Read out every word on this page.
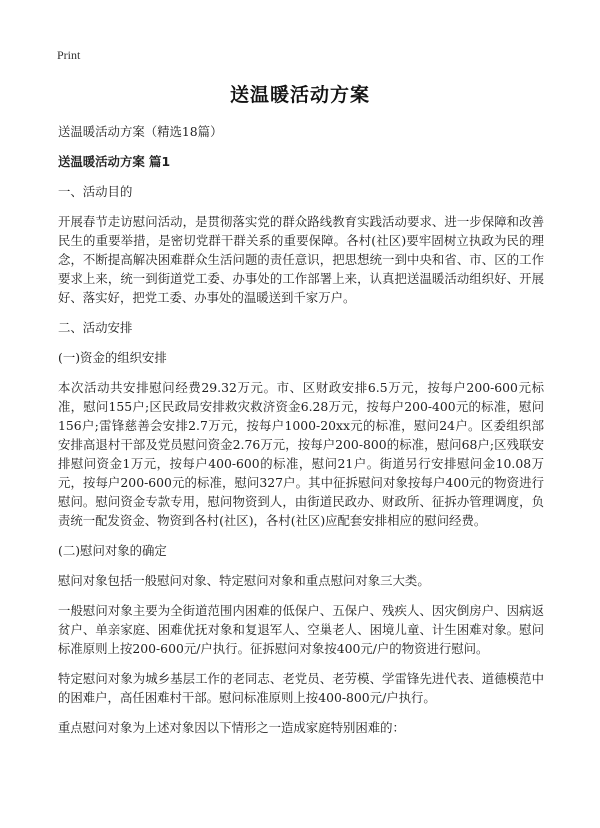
Print
送温暖活动方案

送温暖活动方案（精选18篇）

送温暖活动方案 篇1

一、活动目的

开展春节走访慰问活动，是贯彻落实党的群众路线教育实践活动要求、进一步保障和改善民生的重要举措，是密切党群干群关系的重要保障。各村(社区)要牢固树立执政为民的理念，不断提高解决困难群众生活问题的责任意识，把思想统一到中央和省、市、区的工作要求上来，统一到街道党工委、办事处的工作部署上来，认真把送温暖活动组织好、开展好、落实好，把党工委、办事处的温暖送到千家万户。

二、活动安排

(一)资金的组织安排

本次活动共安排慰问经费29.32万元。市、区财政安排6.5万元，按每户200-600元标准，慰问155户;区民政局安排救灾救济资金6.28万元，按每户200-400元的标准，慰问156户;雷锋慈善会安排2.7万元，按每户1000-20xx元的标准，慰问24户。区委组织部安排高退村干部及党员慰问资金2.76万元，按每户200-800的标准，慰问68户;区残联安排慰问资金1万元，按每户400-600的标准，慰问21户。街道另行安排慰问金10.08万元，按每户200-600元的标准，慰问327户。其中征拆慰问对象按每户400元的物资进行慰问。慰问资金专款专用，慰问物资到人，由街道民政办、财政所、征拆办管理调度，负责统一配发资金、物资到各村(社区)，各村(社区)应配套安排相应的慰问经费。

(二)慰问对象的确定

慰问对象包括一般慰问对象、特定慰问对象和重点慰问对象三大类。

一般慰问对象主要为全街道范围内困难的低保户、五保户、残疾人、因灾倒房户、因病返贫户、单亲家庭、困难优抚对象和复退军人、空巢老人、困境儿童、计生困难对象。慰问标准原则上按200-600元/户执行。征拆慰问对象按400元/户的物资进行慰问。

特定慰问对象为城乡基层工作的老同志、老党员、老劳模、学雷锋先进代表、道德模范中的困难户，高任困难村干部。慰问标准原则上按400-800元/户执行。

重点慰问对象为上述对象因以下情形之一造成家庭特别困难的：
